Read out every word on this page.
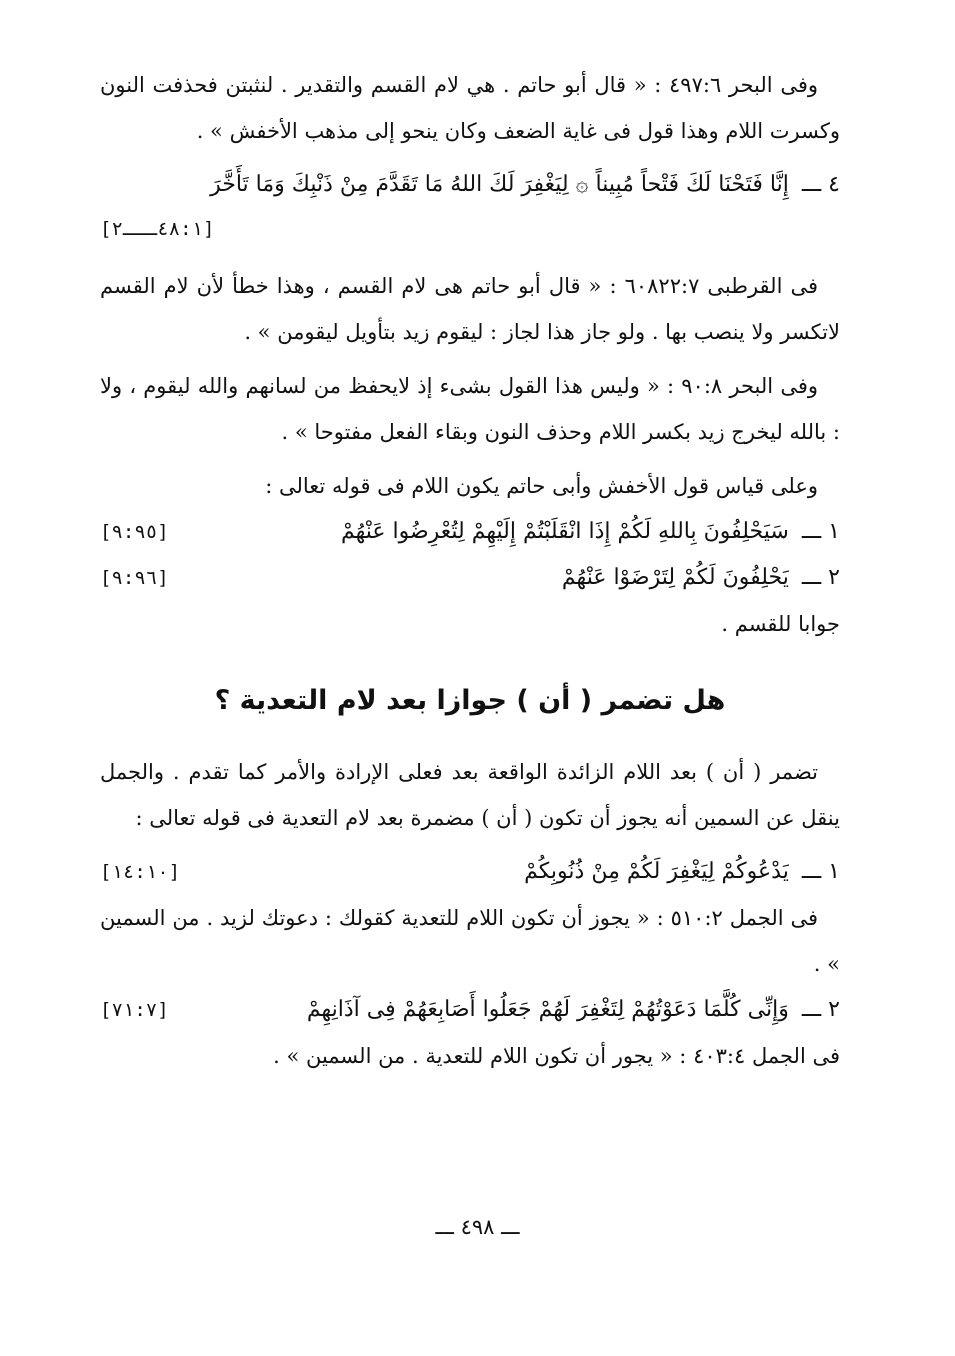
وفى البحر ٤٩٧:٦ : « قال أبو حاتم . هي لام القسم والتقدير . لنثبتن فحذفت النون وكسرت اللام وهذا قول فى غاية الضعف وكان ينحو إلى مذهب الأخفش » .

٤ ـــ إِنَّا فَتَحْنَا لَكَ فَتْحاً مُبِيناً ۞ لِيَغْفِرَ لَكَ اللهُ مَا تَقَدَّمَ مِنْ ذَنْبِكَ وَمَا تَأَخَّرَ
[٤٨:١ـــ٢]

فى القرطبى ٦٠٨٢٢:٧ : « قال أبو حاتم هى لام القسم ، وهذا خطأ لأن لام القسم لاتكسر ولا ينصب بها . ولو جاز هذا لجاز : ليقوم زيد بتأويل ليقومن » .

وفى البحر ٩٠:٨ : « وليس هذا القول بشىء إذ لايحفظ من لسانهم والله ليقوم ، ولا : بالله ليخرج زيد بكسر اللام وحذف النون وبقاء الفعل مفتوحا » .

وعلى قياس قول الأخفش وأبى حاتم يكون اللام فى قوله تعالى :

١ ـــ سَيَحْلِفُونَ بِاللهِ لَكُمْ إِذَا انْقَلَبْتُمْ إِلَيْهِمْ لِتُعْرِضُوا عَنْهُمْ
[٩:٩٥]
٢ ـــ يَحْلِفُونَ لَكُمْ لِتَرْضَوْا عَنْهُمْ
[٩:٩٦]

جوابا للقسم .

هل تضمر ( أن ) جوازا بعد لام التعدية ؟

تضمر ( أن ) بعد اللام الزائدة الواقعة بعد فعلى الإرادة والأمر كما تقدم . والجمل ينقل عن السمين أنه يجوز أن تكون ( أن ) مضمرة بعد لام التعدية فى قوله تعالى :

١ ـــ يَدْعُوكُمْ لِيَغْفِرَ لَكُمْ مِنْ ذُنُوبِكُمْ
[١٤:١٠]

فى الجمل ٥١٠:٢ : « يجوز أن تكون اللام للتعدية كقولك : دعوتك لزيد . من السمين » .

٢ ـــ وَإِنِّى كُلَّمَا دَعَوْتُهُمْ لِتَغْفِرَ لَهُمْ جَعَلُوا أَصَابِعَهُمْ فِى آذَانِهِمْ
[٧١:٧]

فى الجمل ٤٠٣:٤ : « يجور أن تكون اللام للتعدية . من السمين » .

ـــ ٤٩٨ ـــ
